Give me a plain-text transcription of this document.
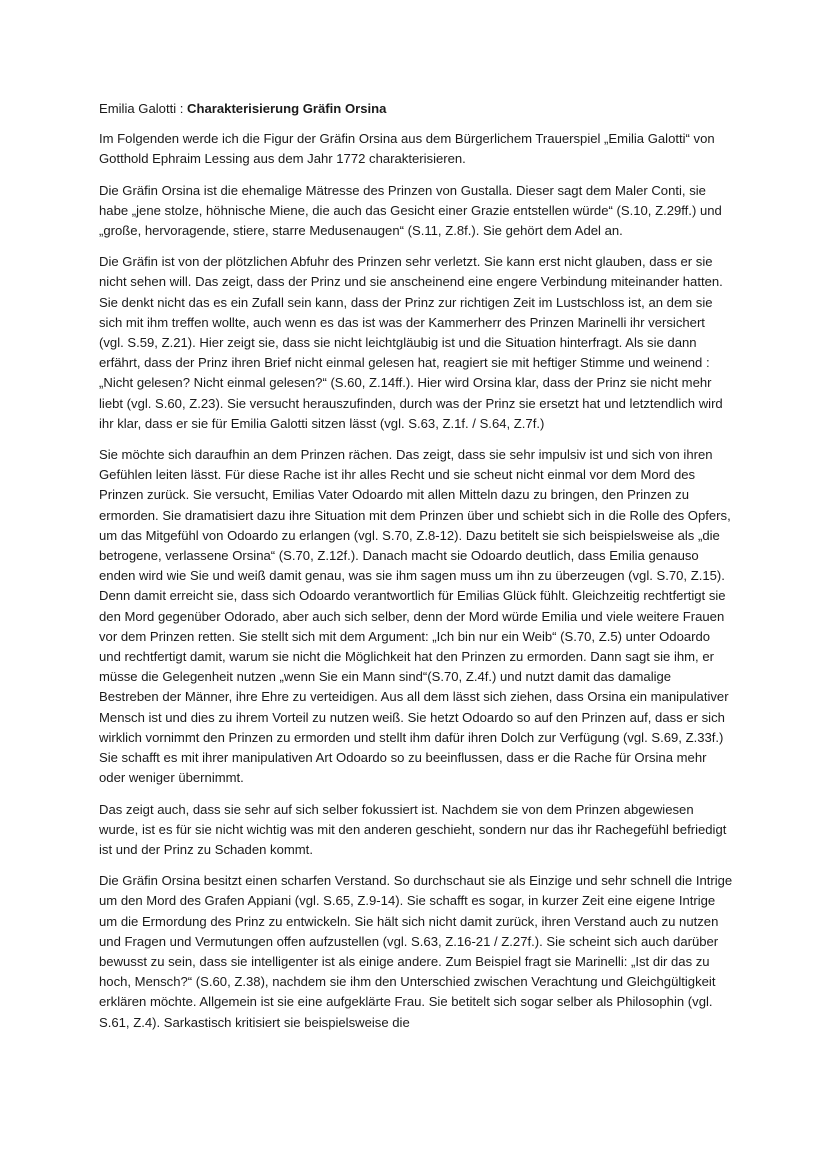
Emilia Galotti : Charakterisierung Gräfin Orsina

Im Folgenden werde ich die Figur der Gräfin Orsina aus dem Bürgerlichem Trauerspiel „Emilia Galotti“ von Gotthold Ephraim Lessing aus dem Jahr 1772 charakterisieren.

Die Gräfin Orsina ist die ehemalige Mätresse des Prinzen von Gustalla. Dieser sagt dem Maler Conti, sie habe „jene stolze, höhnische Miene, die auch das Gesicht einer Grazie entstellen würde“ (S.10, Z.29ff.) und „große, hervoragende, stiere, starre Medusenaugen“ (S.11, Z.8f.). Sie gehört dem Adel an.

Die Gräfin ist von der plötzlichen Abfuhr des Prinzen sehr verletzt. Sie kann erst nicht glauben, dass er sie nicht sehen will. Das zeigt, dass der Prinz und sie anscheinend eine engere Verbindung miteinander hatten. Sie denkt nicht das es ein Zufall sein kann, dass der Prinz zur richtigen Zeit im Lustschloss ist, an dem sie sich mit ihm treffen wollte, auch wenn es das ist was der Kammerherr des Prinzen Marinelli ihr versichert (vgl. S.59, Z.21). Hier zeigt sie, dass sie nicht leichtgläubig ist und die Situation hinterfragt. Als sie dann erfährt, dass der Prinz ihren Brief nicht einmal gelesen hat, reagiert sie mit heftiger Stimme und weinend : „Nicht gelesen? Nicht einmal gelesen?“ (S.60, Z.14ff.). Hier wird Orsina klar, dass der Prinz sie nicht mehr liebt (vgl. S.60, Z.23). Sie versucht herauszufinden, durch was der Prinz sie ersetzt hat und letztendlich wird ihr klar, dass er sie für Emilia Galotti sitzen lässt (vgl. S.63, Z.1f. / S.64, Z.7f.)

Sie möchte sich daraufhin an dem Prinzen rächen. Das zeigt, dass sie sehr impulsiv ist und sich von ihren Gefühlen leiten lässt. Für diese Rache ist ihr alles Recht und sie scheut nicht einmal vor dem Mord des Prinzen zurück. Sie versucht, Emilias Vater Odoardo mit allen Mitteln dazu zu bringen, den Prinzen zu ermorden. Sie dramatisiert dazu ihre Situation mit dem Prinzen über und schiebt sich in die Rolle des Opfers, um das Mitgefühl von Odoardo zu erlangen (vgl. S.70, Z.8-12). Dazu betitelt sie sich beispielsweise als „die betrogene, verlassene Orsina“ (S.70, Z.12f.). Danach macht sie Odoardo deutlich, dass Emilia genauso enden wird wie Sie und weiß damit genau, was sie ihm sagen muss um ihn zu überzeugen (vgl. S.70, Z.15). Denn damit erreicht sie, dass sich Odoardo verantwortlich für Emilias Glück fühlt. Gleichzeitig rechtfertigt sie den Mord gegenüber Odorado, aber auch sich selber, denn der Mord würde Emilia und viele weitere Frauen vor dem Prinzen retten. Sie stellt sich mit dem Argument: „Ich bin nur ein Weib“ (S.70, Z.5) unter Odoardo und rechtfertigt damit, warum sie nicht die Möglichkeit hat den Prinzen zu ermorden. Dann sagt sie ihm, er müsse die Gelegenheit nutzen „wenn Sie ein Mann sind“(S.70, Z.4f.) und nutzt damit das damalige Bestreben der Männer, ihre Ehre zu verteidigen. Aus all dem lässt sich ziehen, dass Orsina ein manipulativer Mensch ist und dies zu ihrem Vorteil zu nutzen weiß. Sie hetzt Odoardo so auf den Prinzen auf, dass er sich wirklich vornimmt den Prinzen zu ermorden und stellt ihm dafür ihren Dolch zur Verfügung (vgl. S.69, Z.33f.) Sie schafft es mit ihrer manipulativen Art Odoardo so zu beeinflussen, dass er die Rache für Orsina mehr oder weniger übernimmt.

Das zeigt auch, dass sie sehr auf sich selber fokussiert ist. Nachdem sie von dem Prinzen abgewiesen wurde, ist es für sie nicht wichtig was mit den anderen geschieht, sondern nur das ihr Rachegefühl befriedigt ist und der Prinz zu Schaden kommt.

Die Gräfin Orsina besitzt einen scharfen Verstand. So durchschaut sie als Einzige und sehr schnell die Intrige um den Mord des Grafen Appiani (vgl. S.65, Z.9-14). Sie schafft es sogar, in kurzer Zeit eine eigene Intrige um die Ermordung des Prinz zu entwickeln. Sie hält sich nicht damit zurück, ihren Verstand auch zu nutzen und Fragen und Vermutungen offen aufzustellen (vgl. S.63, Z.16-21 / Z.27f.). Sie scheint sich auch darüber bewusst zu sein, dass sie intelligenter ist als einige andere. Zum Beispiel fragt sie Marinelli: „Ist dir das zu hoch, Mensch?“ (S.60, Z.38), nachdem sie ihm den Unterschied zwischen Verachtung und Gleichgültigkeit erklären möchte. Allgemein ist sie eine aufgeklärte Frau. Sie betitelt sich sogar selber als Philosophin (vgl. S.61, Z.4). Sarkastisch kritisiert sie beispielsweise die
